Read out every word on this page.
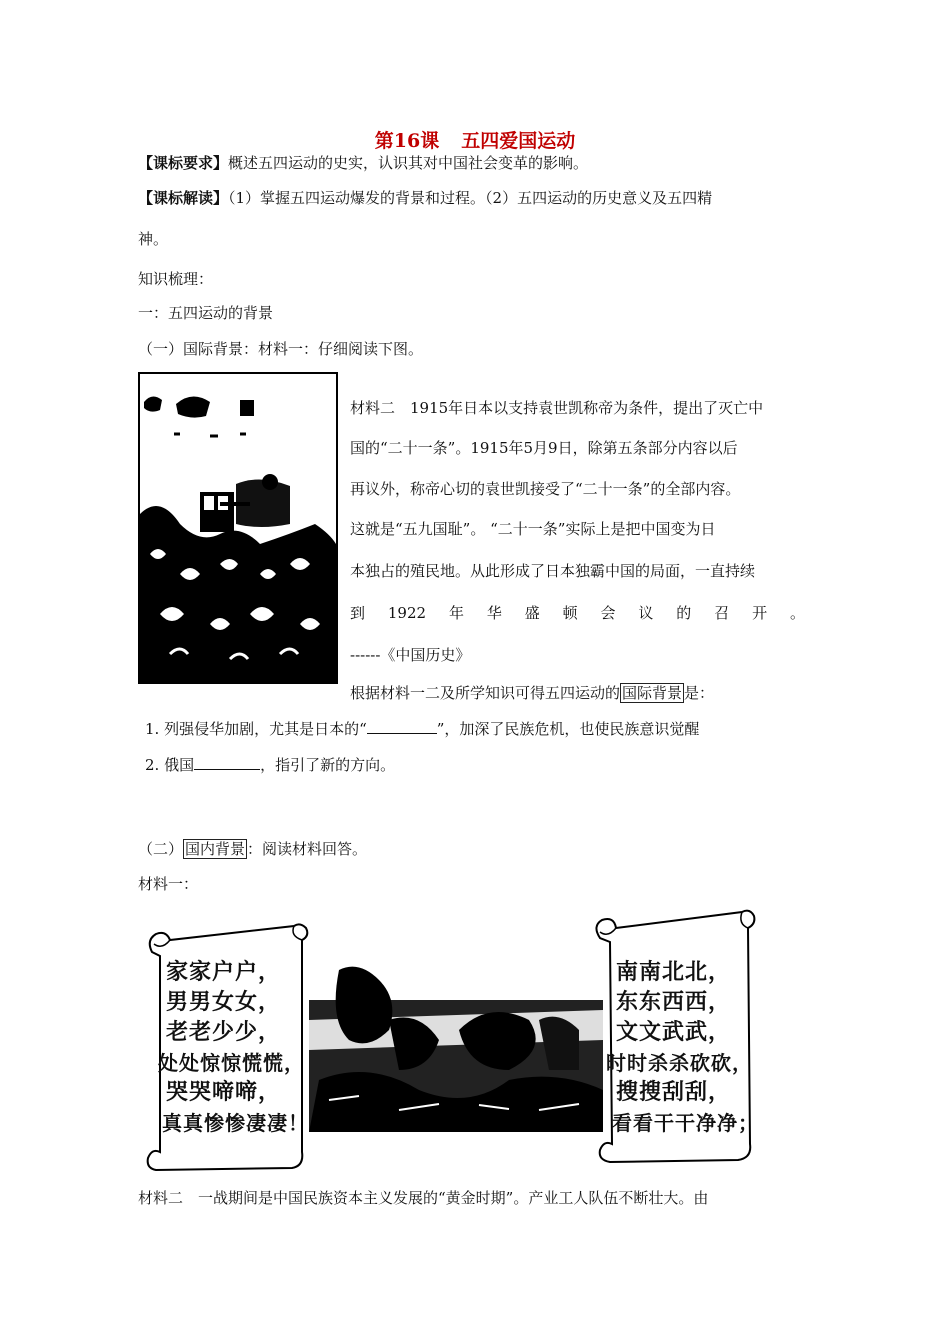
第16课 五四爱国运动
【课标要求】概述五四运动的史实，认识其对中国社会变革的影响。
【课标解读】（1）掌握五四运动爆发的背景和过程。（2）五四运动的历史意义及五四精
神。
知识梳理：
一：五四运动的背景
（一）国际背景：材料一：仔细阅读下图。
材料二　1915年日本以支持袁世凯称帝为条件，提出了灭亡中
国的“二十一条”。1915年5月9日，除第五条部分内容以后
再议外，称帝心切的袁世凯接受了“二十一条”的全部内容。
这就是“五九国耻”。 “二十一条”实际上是把中国变为日
本独占的殖民地。从此形成了日本独霸中国的局面，一直持续
到 1922 年 华 盛 顿 会 议 的 召 开 。
------《中国历史》
根据材料一二及所学知识可得五四运动的 国际背景 是：
1. 列强侵华加剧，尤其是日本的“	”，加深了民族危机，也使民族意识觉醒
2. 俄国	，指引了新的方向。
（二） 国内背景 ：阅读材料回答。
材料一：
家家户户，
男男女女，
老老少少，
处处惊惊慌慌，
哭哭啼啼，
真真惨惨凄凄！
南南北北，
东东西西，
文文武武，
时时杀杀砍砍，
搜搜刮刮，
看看干干净净；
材料二　一战期间是中国民族资本主义发展的“黄金时期”。产业工人队伍不断壮大。由
